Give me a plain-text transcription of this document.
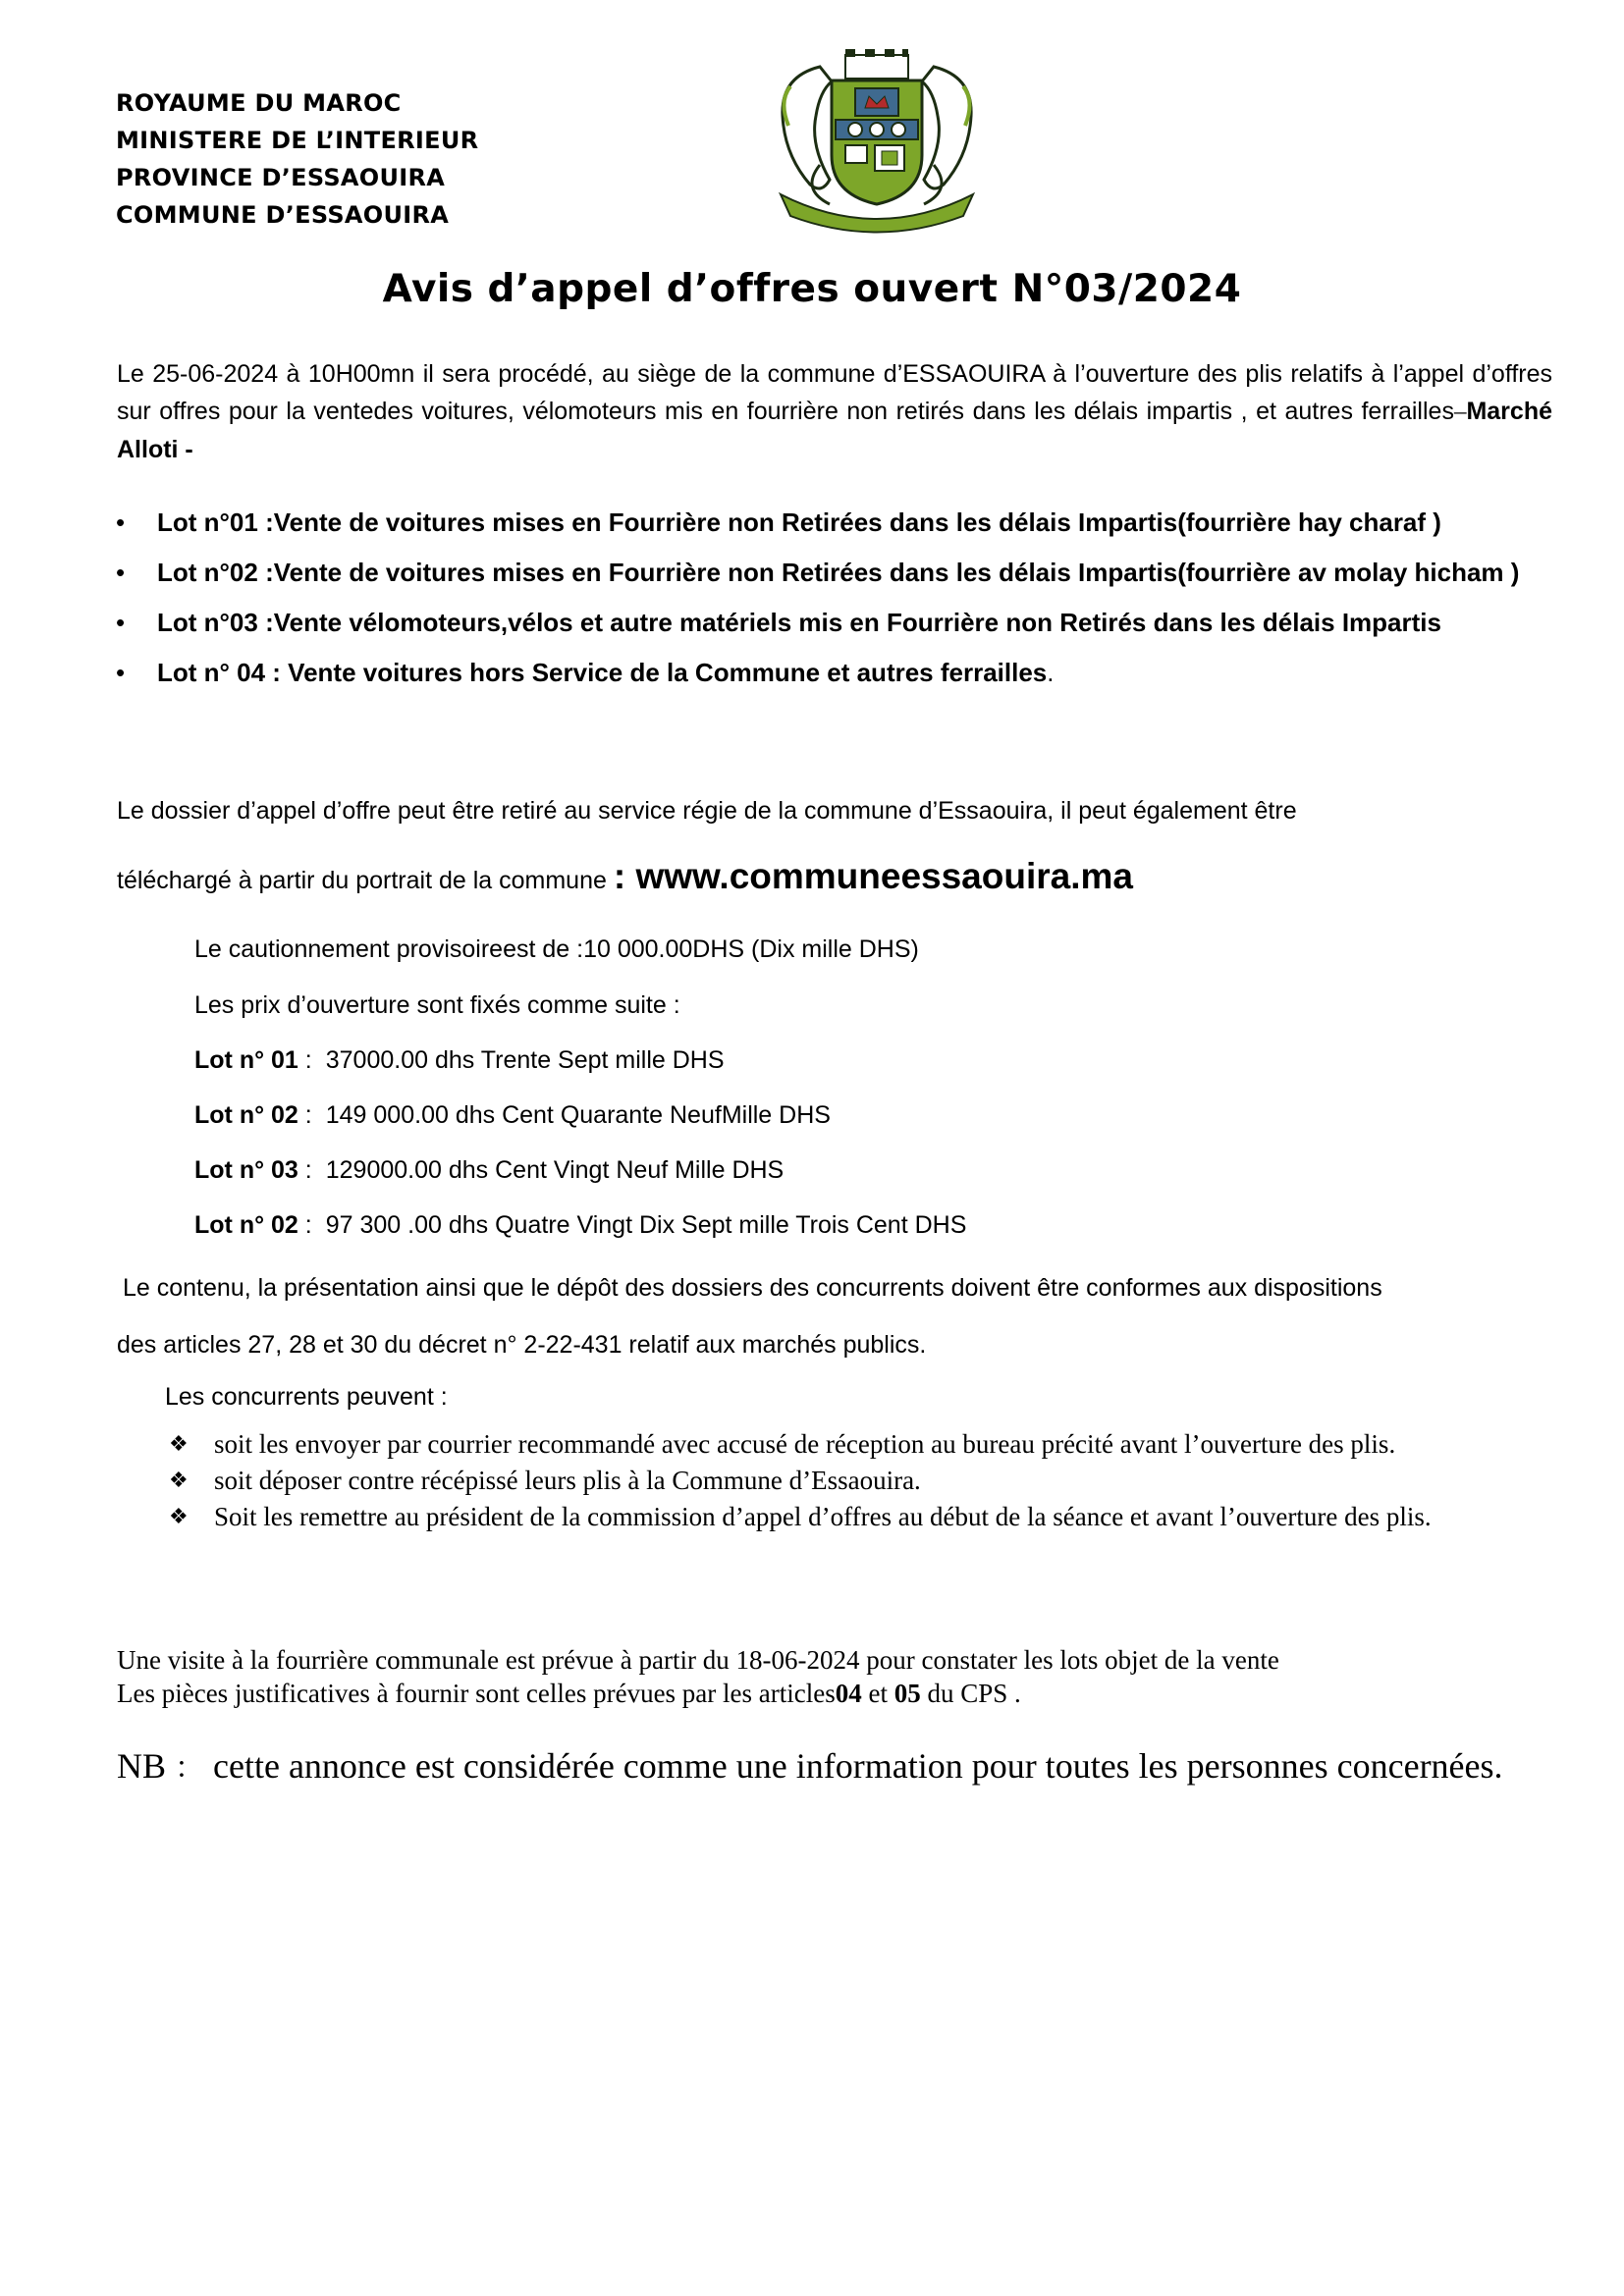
ROYAUME DU MAROC
MINISTERE DE L’INTERIEUR
PROVINCE D’ESSAOUIRA
COMMUNE D’ESSAOUIRA
Avis d’appel d’offres ouvert N°03/2024
Le 25-06-2024 à 10H00mn il sera procédé, au siège de la commune d’ESSAOUIRA à l’ouverture des plis relatifs à l’appel d’offres sur offres pour la ventedes voitures, vélomoteurs mis en fourrière non retirés dans les délais impartis , et autres ferrailles–Marché Alloti -
• Lot n°01 :Vente de voitures mises en Fourrière non Retirées dans les délais Impartis(fourrière hay charaf )
• Lot n°02 :Vente de voitures mises en Fourrière non Retirées dans les délais Impartis(fourrière av molay hicham )
• Lot n°03 :Vente vélomoteurs,vélos et autre matériels mis en Fourrière non Retirés dans les délais Impartis
• Lot n° 04 : Vente voitures hors Service de la Commune et autres ferrailles.
Le dossier d’appel d’offre peut être retiré au service régie de la commune d’Essaouira, il peut également être
téléchargé à partir du portrait de la commune : www.communeessaouira.ma
Le cautionnement provisoireest de :10 000.00DHS (Dix mille DHS)
Les prix d’ouverture sont fixés comme suite :
Lot n° 01 : 37000.00 dhs Trente Sept mille DHS
Lot n° 02 : 149 000.00 dhs Cent Quarante NeufMille DHS
Lot n° 03 : 129000.00 dhs Cent Vingt Neuf Mille DHS
Lot n° 02 :97 300 .00 dhs Quatre Vingt Dix Sept mille Trois Cent DHS
Le contenu, la présentation ainsi que le dépôt des dossiers des concurrents doivent être conformes aux dispositions
des articles 27, 28 et 30 du décret n° 2-22-431 relatif aux marchés publics.
Les concurrents peuvent :
❖ soit les envoyer par courrier recommandé avec accusé de réception au bureau précité avant l’ouverture des plis.
❖ soit déposer contre récépissé leurs plis à la Commune d’Essaouira.
❖ Soit les remettre au président de la commission d’appel d’offres au début de la séance et avant l’ouverture des plis.
Une visite à la fourrière communale est prévue à partir du 18-06-2024 pour constater les lots objet de la vente
Les pièces justificatives à fournir sont celles prévues par les articles04 et 05 du CPS .
NB ： cette annonce est considérée comme une information pour toutes les personnes concernées.
